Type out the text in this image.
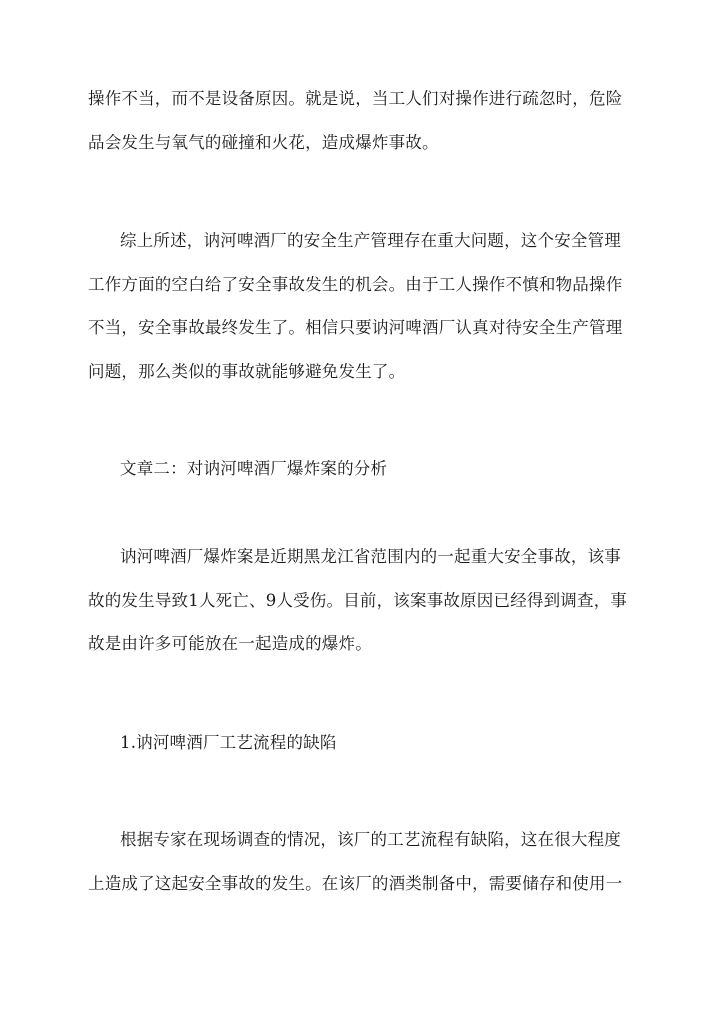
操作不当，而不是设备原因。就是说，当工人们对操作进行疏忽时，危险
品会发生与氧气的碰撞和火花，造成爆炸事故。
综上所述，讷河啤酒厂的安全生产管理存在重大问题，这个安全管理
工作方面的空白给了安全事故发生的机会。由于工人操作不慎和物品操作
不当，安全事故最终发生了。相信只要讷河啤酒厂认真对待安全生产管理
问题，那么类似的事故就能够避免发生了。
文章二：对讷河啤酒厂爆炸案的分析
讷河啤酒厂爆炸案是近期黑龙江省范围内的一起重大安全事故，该事
故的发生导致1人死亡、9人受伤。目前，该案事故原因已经得到调查，事
故是由许多可能放在一起造成的爆炸。
1.讷河啤酒厂工艺流程的缺陷
根据专家在现场调查的情况，该厂的工艺流程有缺陷，这在很大程度
上造成了这起安全事故的发生。在该厂的酒类制备中，需要储存和使用一
